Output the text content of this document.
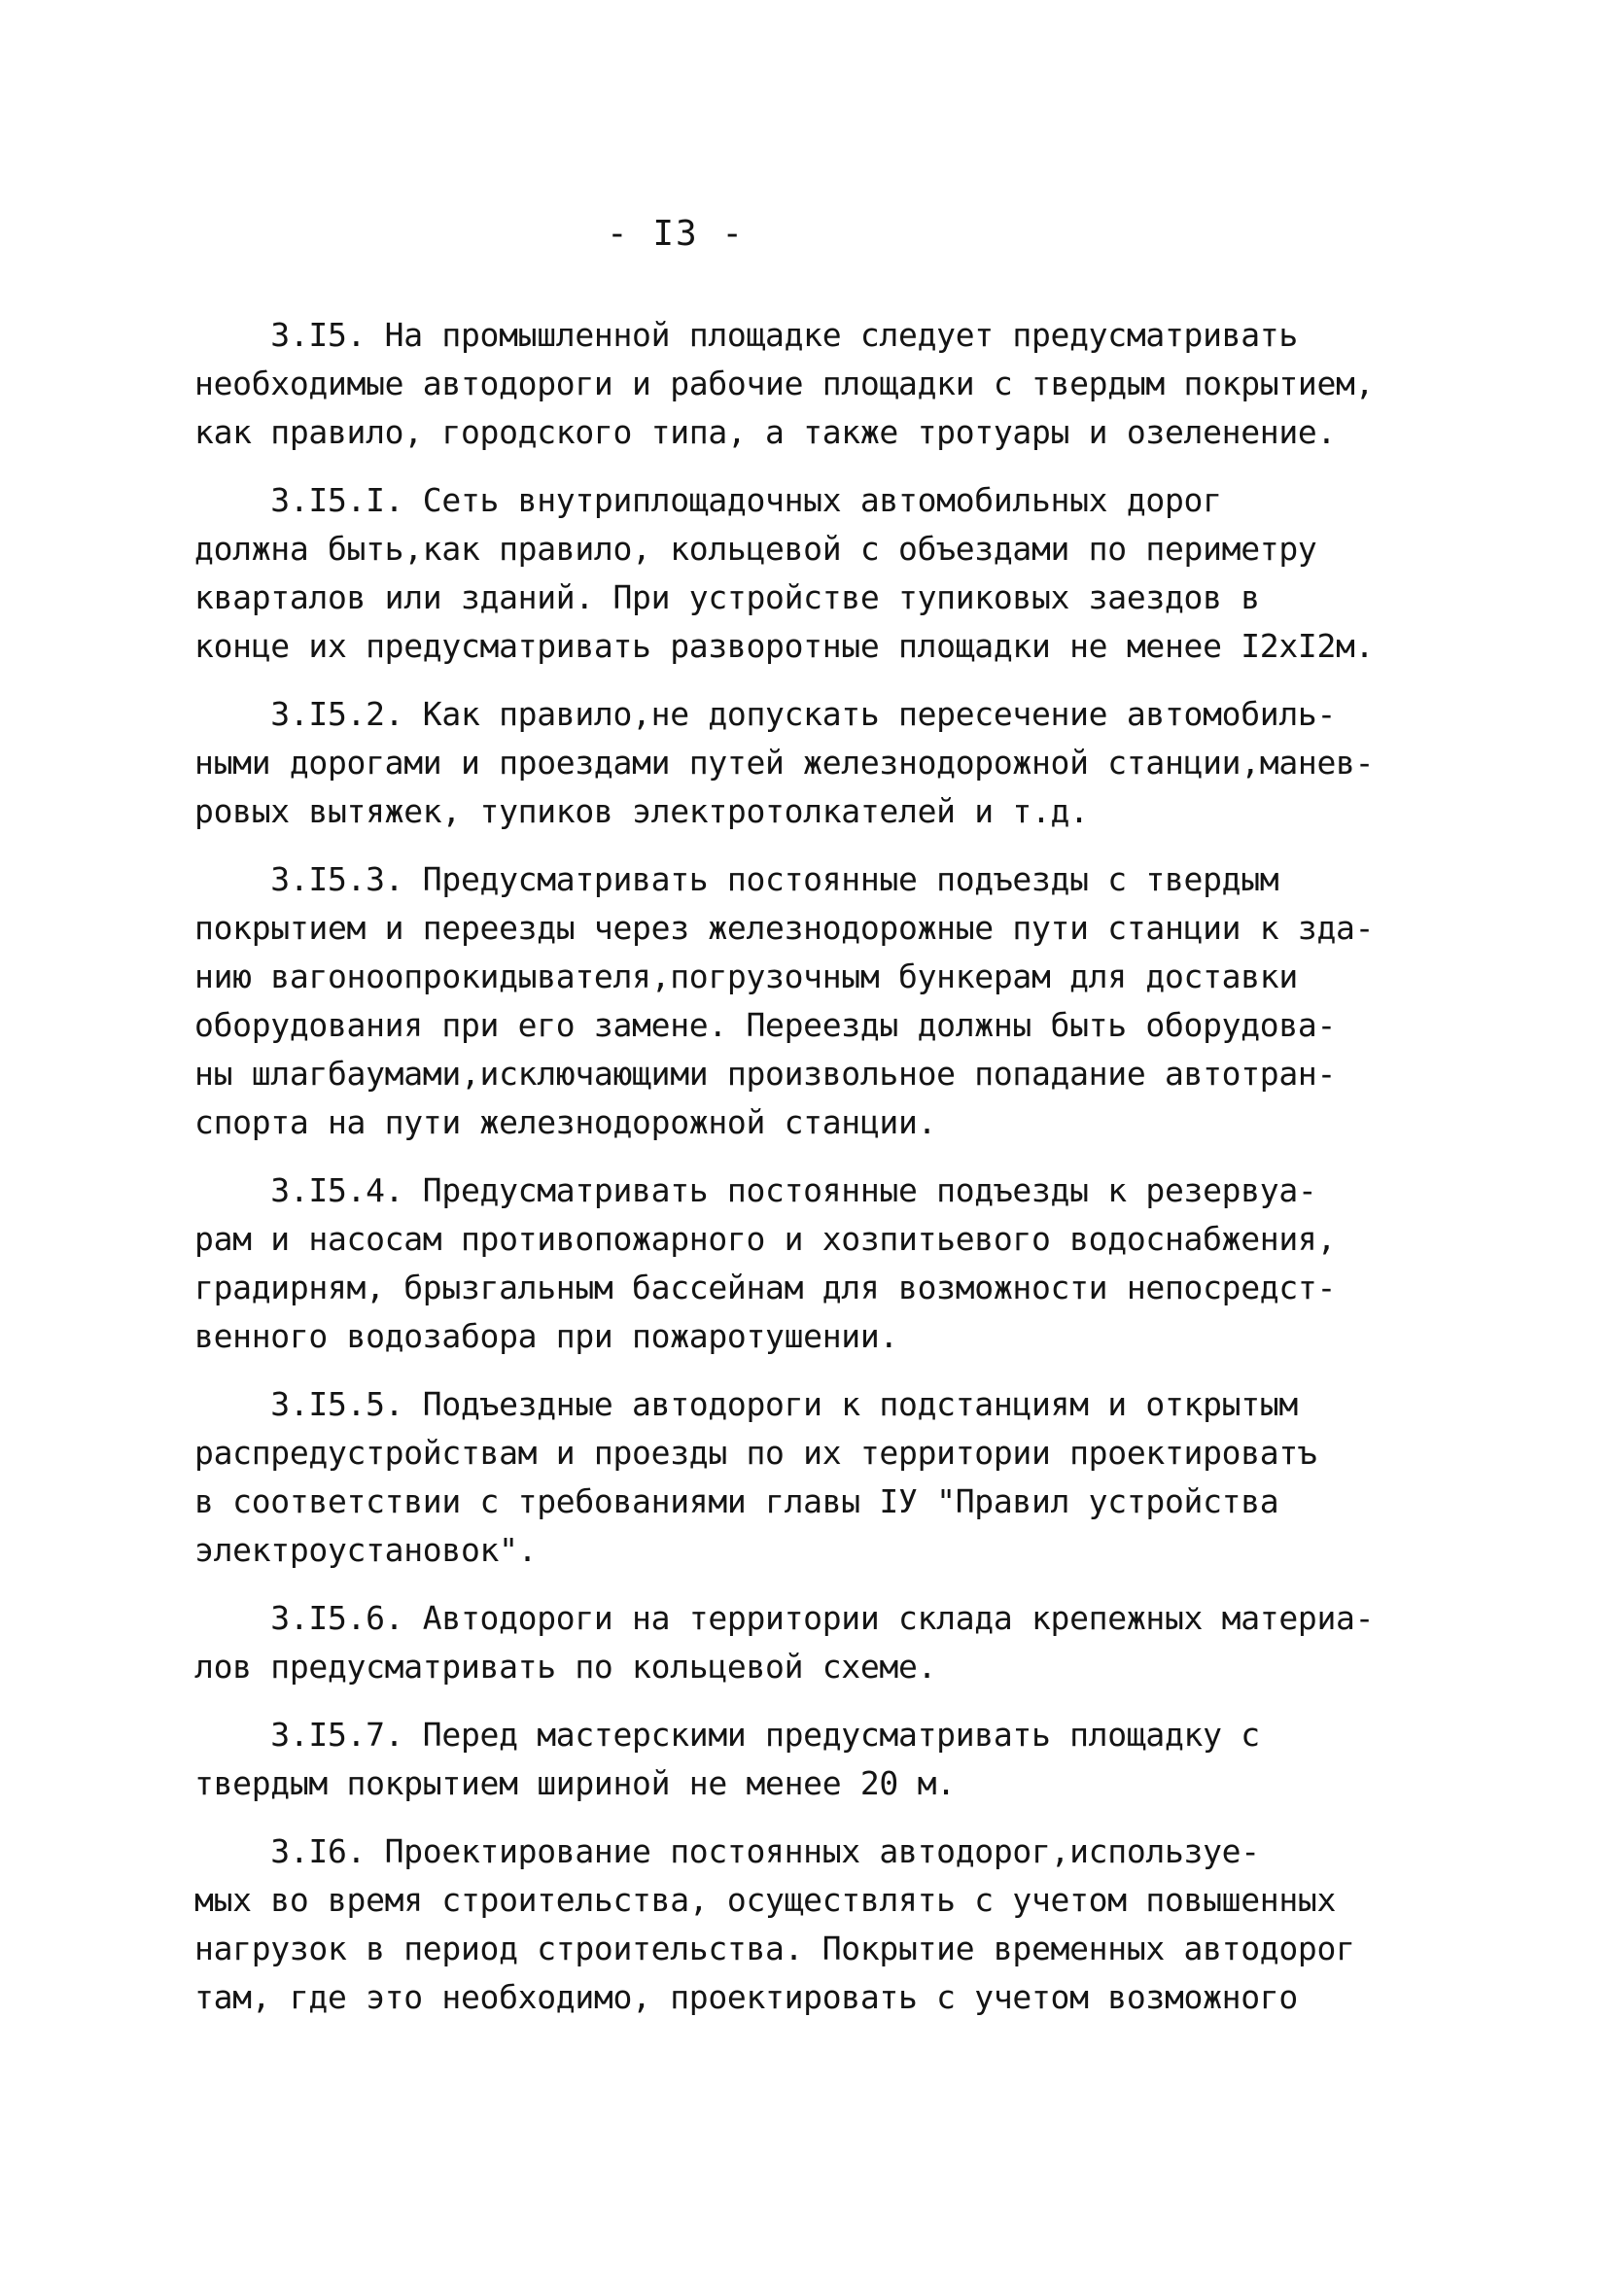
- I3 -
3.I5. На промышленной площадке следует предусматривать
необходимые автодороги и рабочие площадки с твердым покрытием,
как правило, городского типа, а также тротуары и озеленение.
3.I5.I. Сеть внутриплощадочных автомобильных дорог
должна быть,как правило, кольцевой с объездами по периметру
кварталов или зданий. При устройстве тупиковых заездов в
конце их предусматривать разворотные площадки не менее I2хI2м.
3.I5.2. Как правило,не допускать пересечение автомобиль-
ными дорогами и проездами путей железнодорожной станции,манев-
ровых вытяжек, тупиков электротолкателей и т.д.
3.I5.3. Предусматривать постоянные подъезды с твердым
покрытием и переезды через железнодорожные пути станции к зда-
нию вагоноопрокидывателя,погрузочным бункерам для доставки
оборудования при его замене. Переезды должны быть оборудова-
ны шлагбаумами,исключающими произвольное попадание автотран-
спорта на пути железнодорожной станции.
3.I5.4. Предусматривать постоянные подъезды к резервуа-
рам и насосам противопожарного и хозпитьевого водоснабжения,
градирням, брызгальным бассейнам для возможности непосредст-
венного водозабора при пожаротушении.
3.I5.5. Подъездные автодороги к подстанциям и открытым
распредустройствам и проезды по их территории проектироватъ
в соответствии с требованиями главы IУ "Правил устройства
электроустановок".
3.I5.6. Автодороги на территории склада крепежных материа-
лов предусматривать по кольцевой схеме.
3.I5.7. Перед мастерскими предусматривать площадку с
твердым покрытием шириной не менее 20 м.
3.I6. Проектирование постоянных автодорог,используе-
мых во время строительства, осуществлять с учетом повышенных
нагрузок в период строительства. Покрытие временных автодорог
там, где это необходимо, проектировать с учетом возможного
